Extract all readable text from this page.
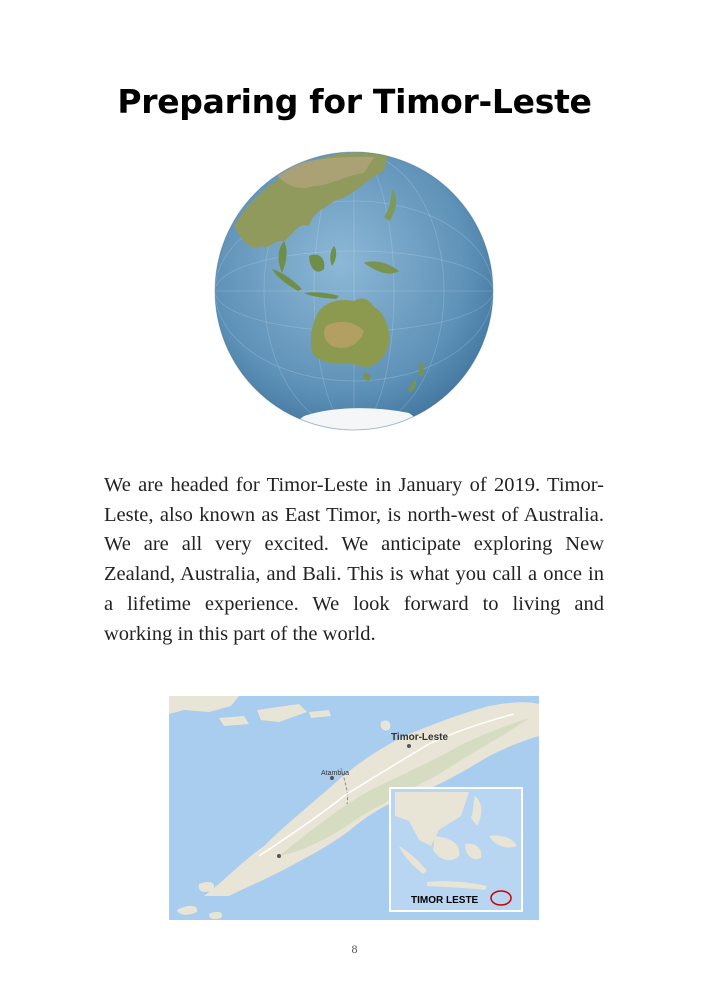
Preparing for Timor-Leste

We are headed for Timor-Leste in January of 2019. Timor-Leste, also known as East Timor, is north-west of Australia. We are all very excited. We anticipate exploring New Zealand, Australia, and Bali. This is what you call a once in a lifetime experience. We look forward to living and working in this part of the world.

Timor-Leste
Atambua
TIMOR LESTE
8
